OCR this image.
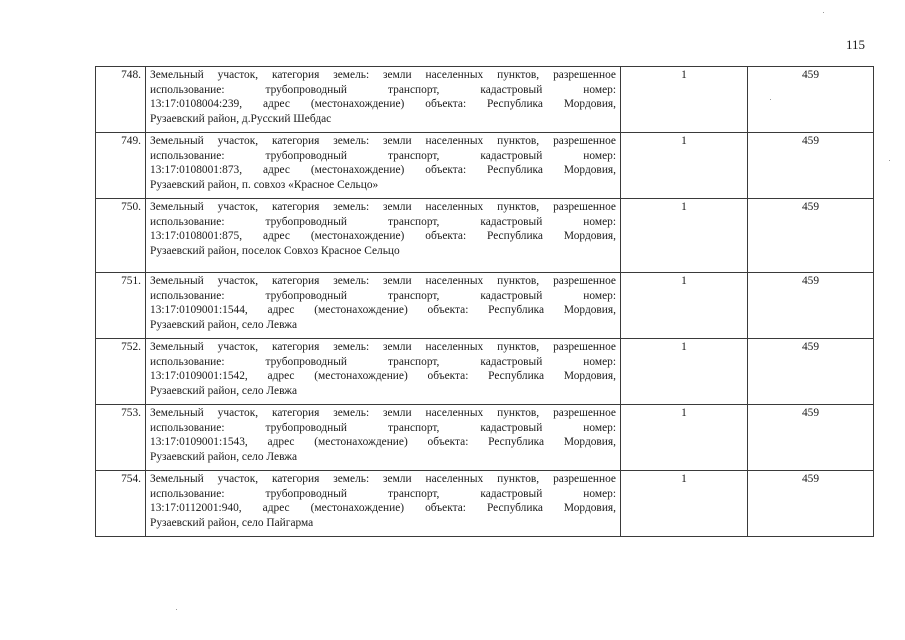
115
748.	Земельный участок, категория земель: земли населенных пунктов, разрешенное
использование: трубопроводный транспорт, кадастровый номер:
13:17:0108004:239, адрес (местонахождение) объекта: Республика Мордовия,
Рузаевский район, д.Русский Шебдас	1	459
749.	Земельный участок, категория земель: земли населенных пунктов, разрешенное
использование: трубопроводный транспорт, кадастровый номер:
13:17:0108001:873, адрес (местонахождение) объекта: Республика Мордовия,
Рузаевский район, п. совхоз «Красное Сельцо»	1	459
750.	Земельный участок, категория земель: земли населенных пунктов, разрешенное
использование: трубопроводный транспорт, кадастровый номер:
13:17:0108001:875, адрес (местонахождение) объекта: Республика Мордовия,
Рузаевский район, поселок Совхоз Красное Сельцо	1	459
751.	Земельный участок, категория земель: земли населенных пунктов, разрешенное
использование: трубопроводный транспорт, кадастровый номер:
13:17:0109001:1544, адрес (местонахождение) объекта: Республика Мордовия,
Рузаевский район, село Левжа	1	459
752.	Земельный участок, категория земель: земли населенных пунктов, разрешенное
использование: трубопроводный транспорт, кадастровый номер:
13:17:0109001:1542, адрес (местонахождение) объекта: Республика Мордовия,
Рузаевский район, село Левжа	1	459
753.	Земельный участок, категория земель: земли населенных пунктов, разрешенное
использование: трубопроводный транспорт, кадастровый номер:
13:17:0109001:1543, адрес (местонахождение) объекта: Республика Мордовия,
Рузаевский район, село Левжа	1	459
754.	Земельный участок, категория земель: земли населенных пунктов, разрешенное
использование: трубопроводный транспорт, кадастровый номер:
13:17:0112001:940, адрес (местонахождение) объекта: Республика Мордовия,
Рузаевский район, село Пайгарма	1	459
